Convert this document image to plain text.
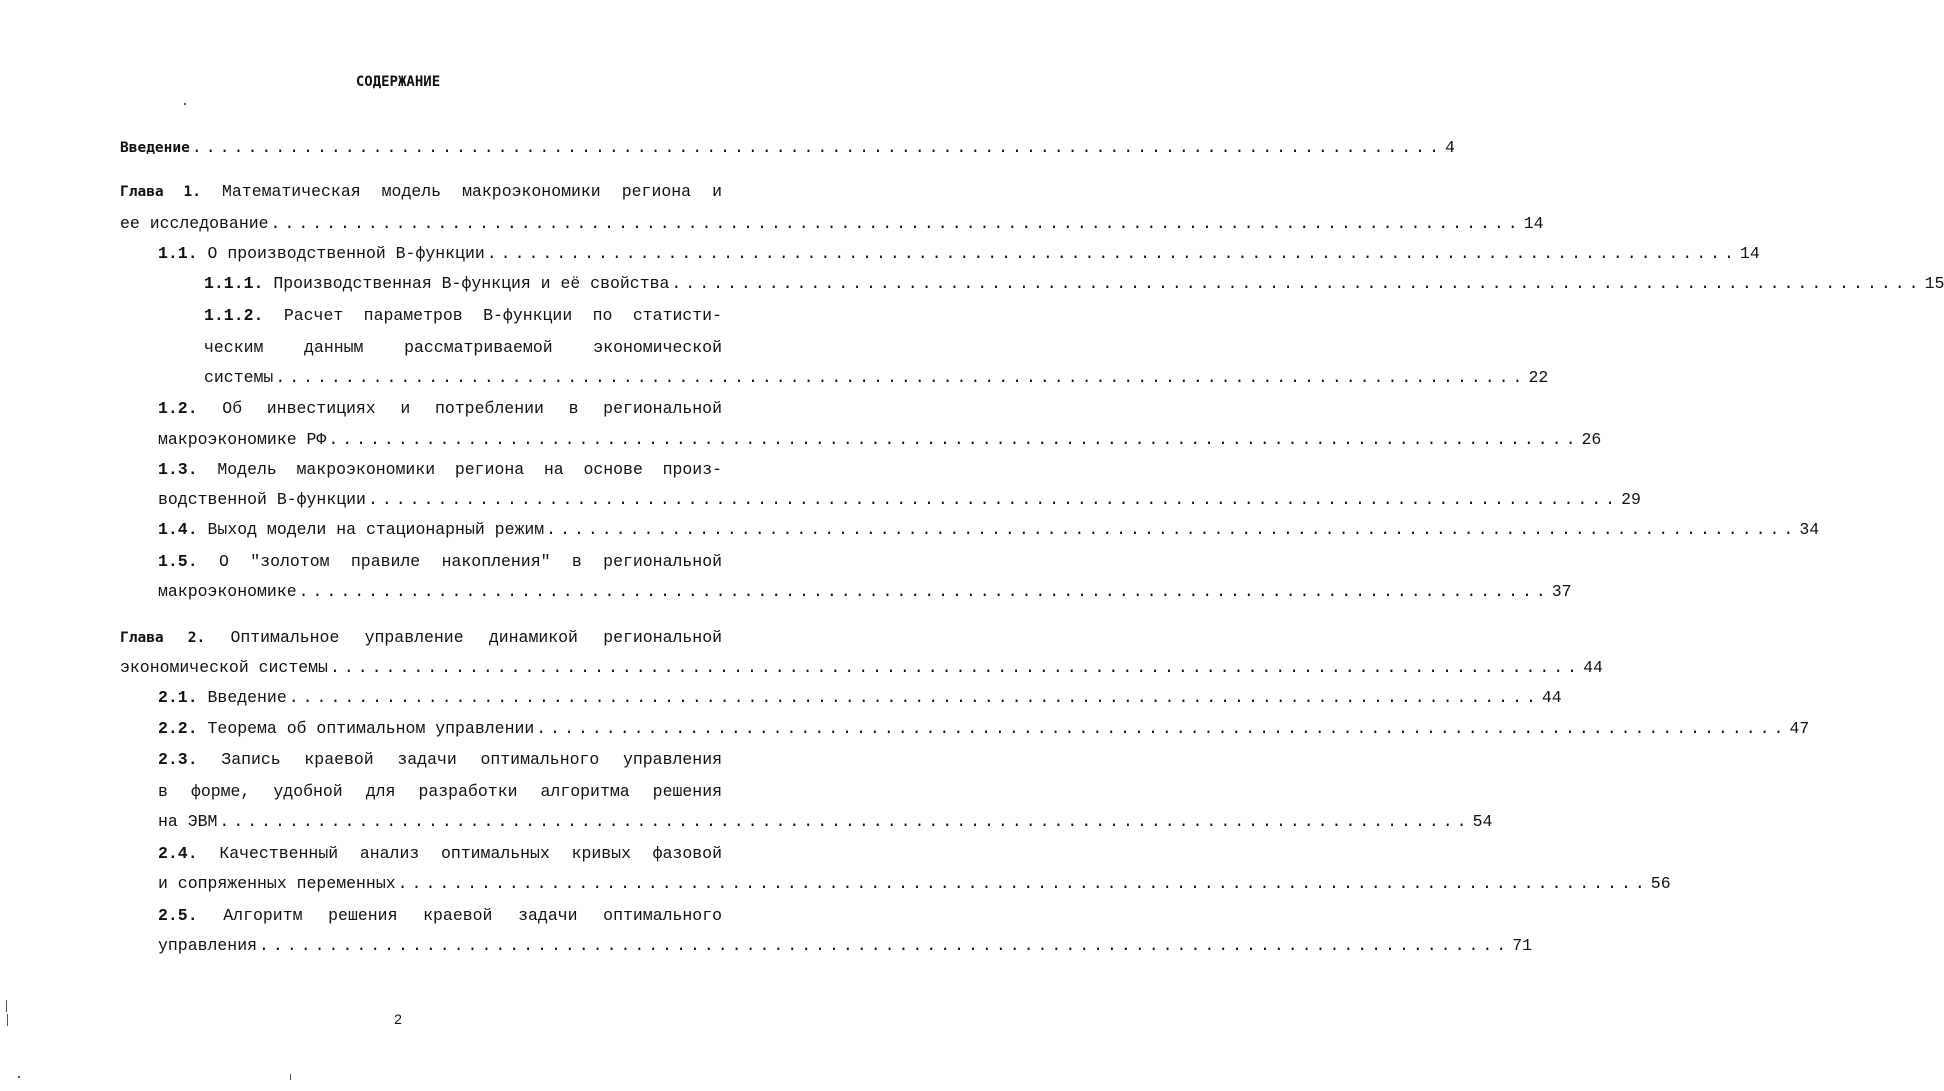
СОДЕРЖАНИЕ
Введение .......................................................................................... 4
Глава 1. Математическая модель макроэкономики региона и
ее исследование .......................................................................................... 14
1.1. О производственной B-функции .......................................................................................... 14
1.1.1. Производственная B-функция и её свойства .......................................................................................... 15
1.1.2. Расчет параметров B-функции по статисти-
ческим данным рассматриваемой экономической
системы .......................................................................................... 22
1.2. Об инвестициях и потреблении в региональной
макроэкономике РФ .......................................................................................... 26
1.3. Модель макроэкономики региона на основе произ-
водственной B-функции .......................................................................................... 29
1.4. Выход модели на стационарный режим .......................................................................................... 34
1.5. О "золотом правиле накопления" в региональной
макроэкономике .......................................................................................... 37
Глава 2. Оптимальное управление динамикой региональной
экономической системы .......................................................................................... 44
2.1. Введение .......................................................................................... 44
2.2. Теорема об оптимальном управлении .......................................................................................... 47
2.3. Запись краевой задачи оптимального управления
в форме, удобной для разработки алгоритма решения
на ЭВМ .......................................................................................... 54
2.4. Качественный анализ оптимальных кривых фазовой
и сопряженных переменных .......................................................................................... 56
2.5. Алгоритм решения краевой задачи оптимального
управления .......................................................................................... 71
2
